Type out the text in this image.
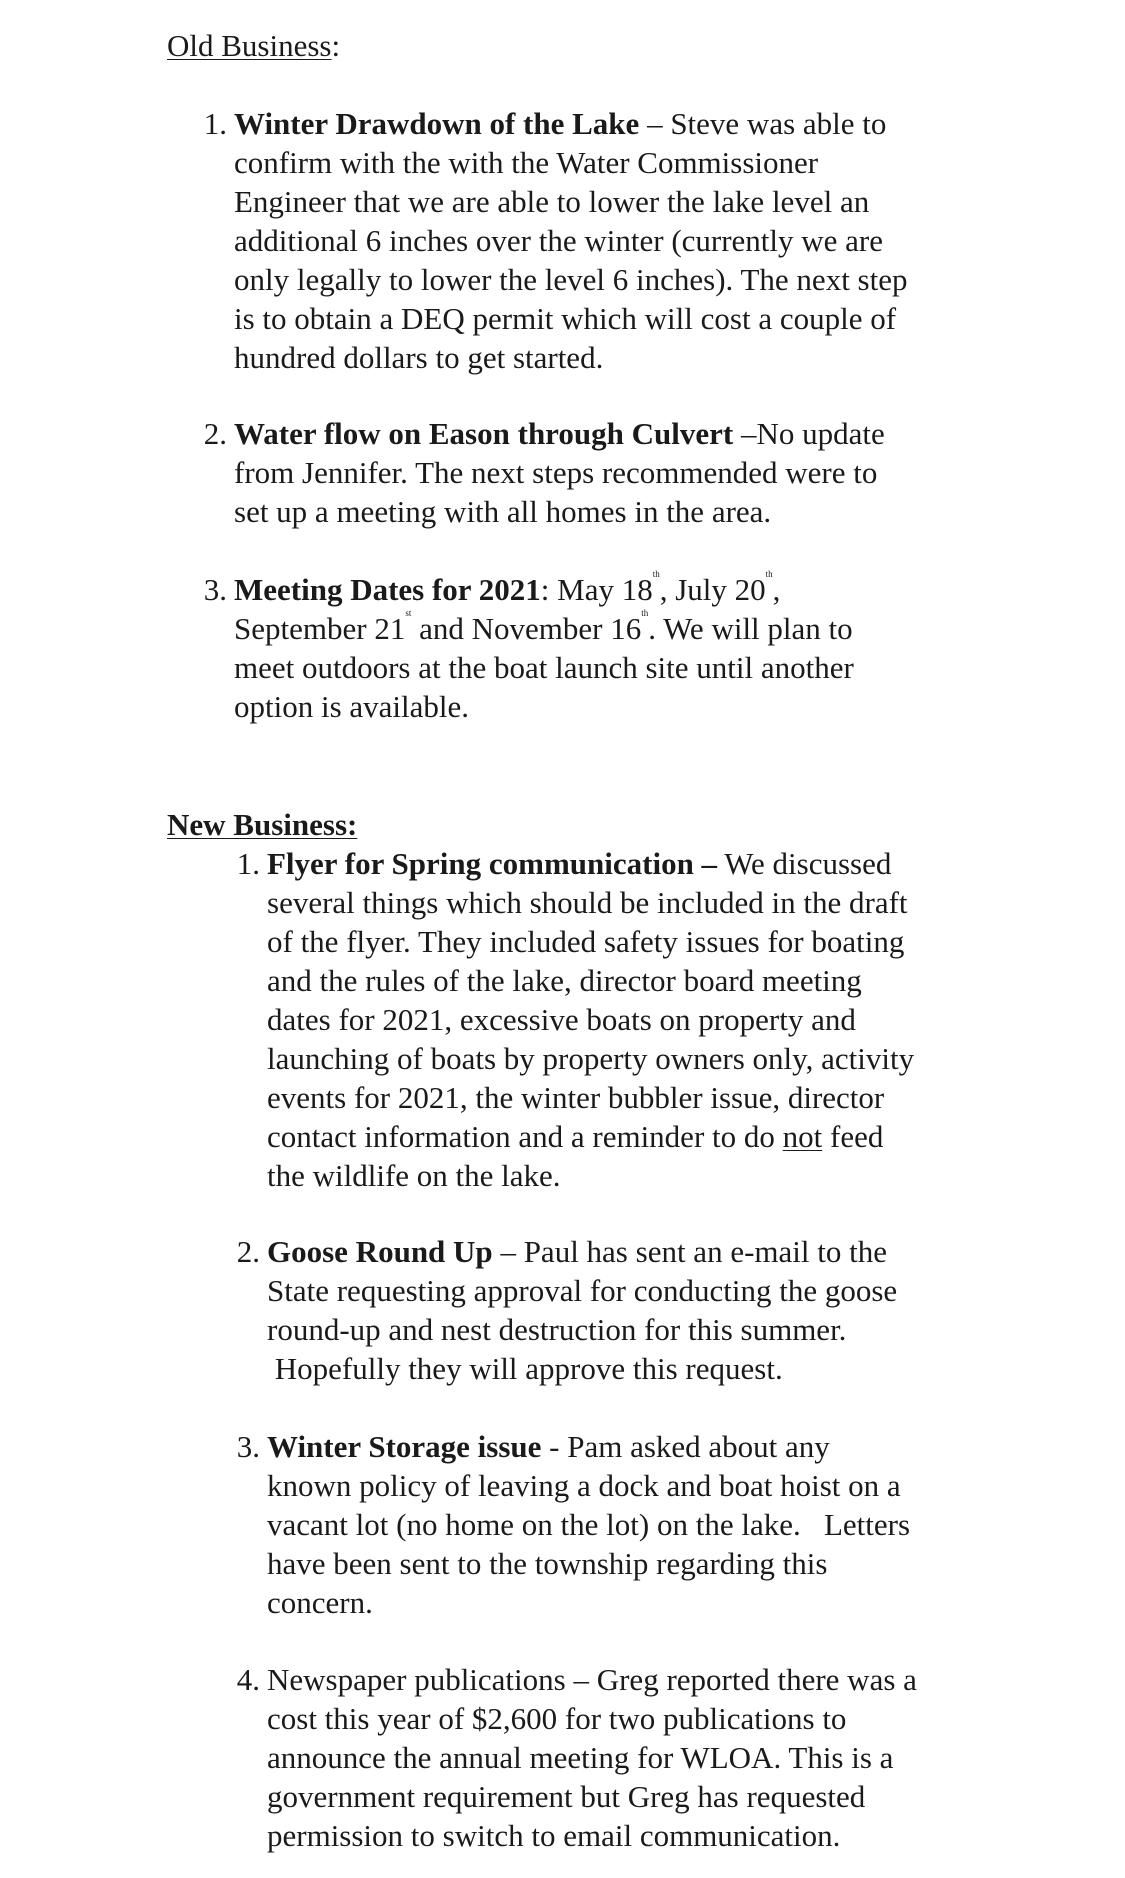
Old Business:
1. Winter Drawdown of the Lake – Steve was able to
confirm with the with the Water Commissioner
Engineer that we are able to lower the lake level an
additional 6 inches over the winter (currently we are
only legally to lower the level 6 inches). The next step
is to obtain a DEQ permit which will cost a couple of
hundred dollars to get started.
2. Water flow on Eason through Culvert –No update
from Jennifer. The next steps recommended were to
set up a meeting with all homes in the area.
3. Meeting Dates for 2021: May 18th, July 20th,
September 21st and November 16th. We will plan to
meet outdoors at the boat launch site until another
option is available.
New Business:
1. Flyer for Spring communication – We discussed
several things which should be included in the draft
of the flyer. They included safety issues for boating
and the rules of the lake, director board meeting
dates for 2021, excessive boats on property and
launching of boats by property owners only, activity
events for 2021, the winter bubbler issue, director
contact information and a reminder to do not feed
the wildlife on the lake.
2. Goose Round Up – Paul has sent an e-mail to the
State requesting approval for conducting the goose
round-up and nest destruction for this summer.
Hopefully they will approve this request.
3. Winter Storage issue - Pam asked about any
known policy of leaving a dock and boat hoist on a
vacant lot (no home on the lot) on the lake.   Letters
have been sent to the township regarding this
concern.
4. Newspaper publications – Greg reported there was a
cost this year of $2,600 for two publications to
announce the annual meeting for WLOA. This is a
government requirement but Greg has requested
permission to switch to email communication.
